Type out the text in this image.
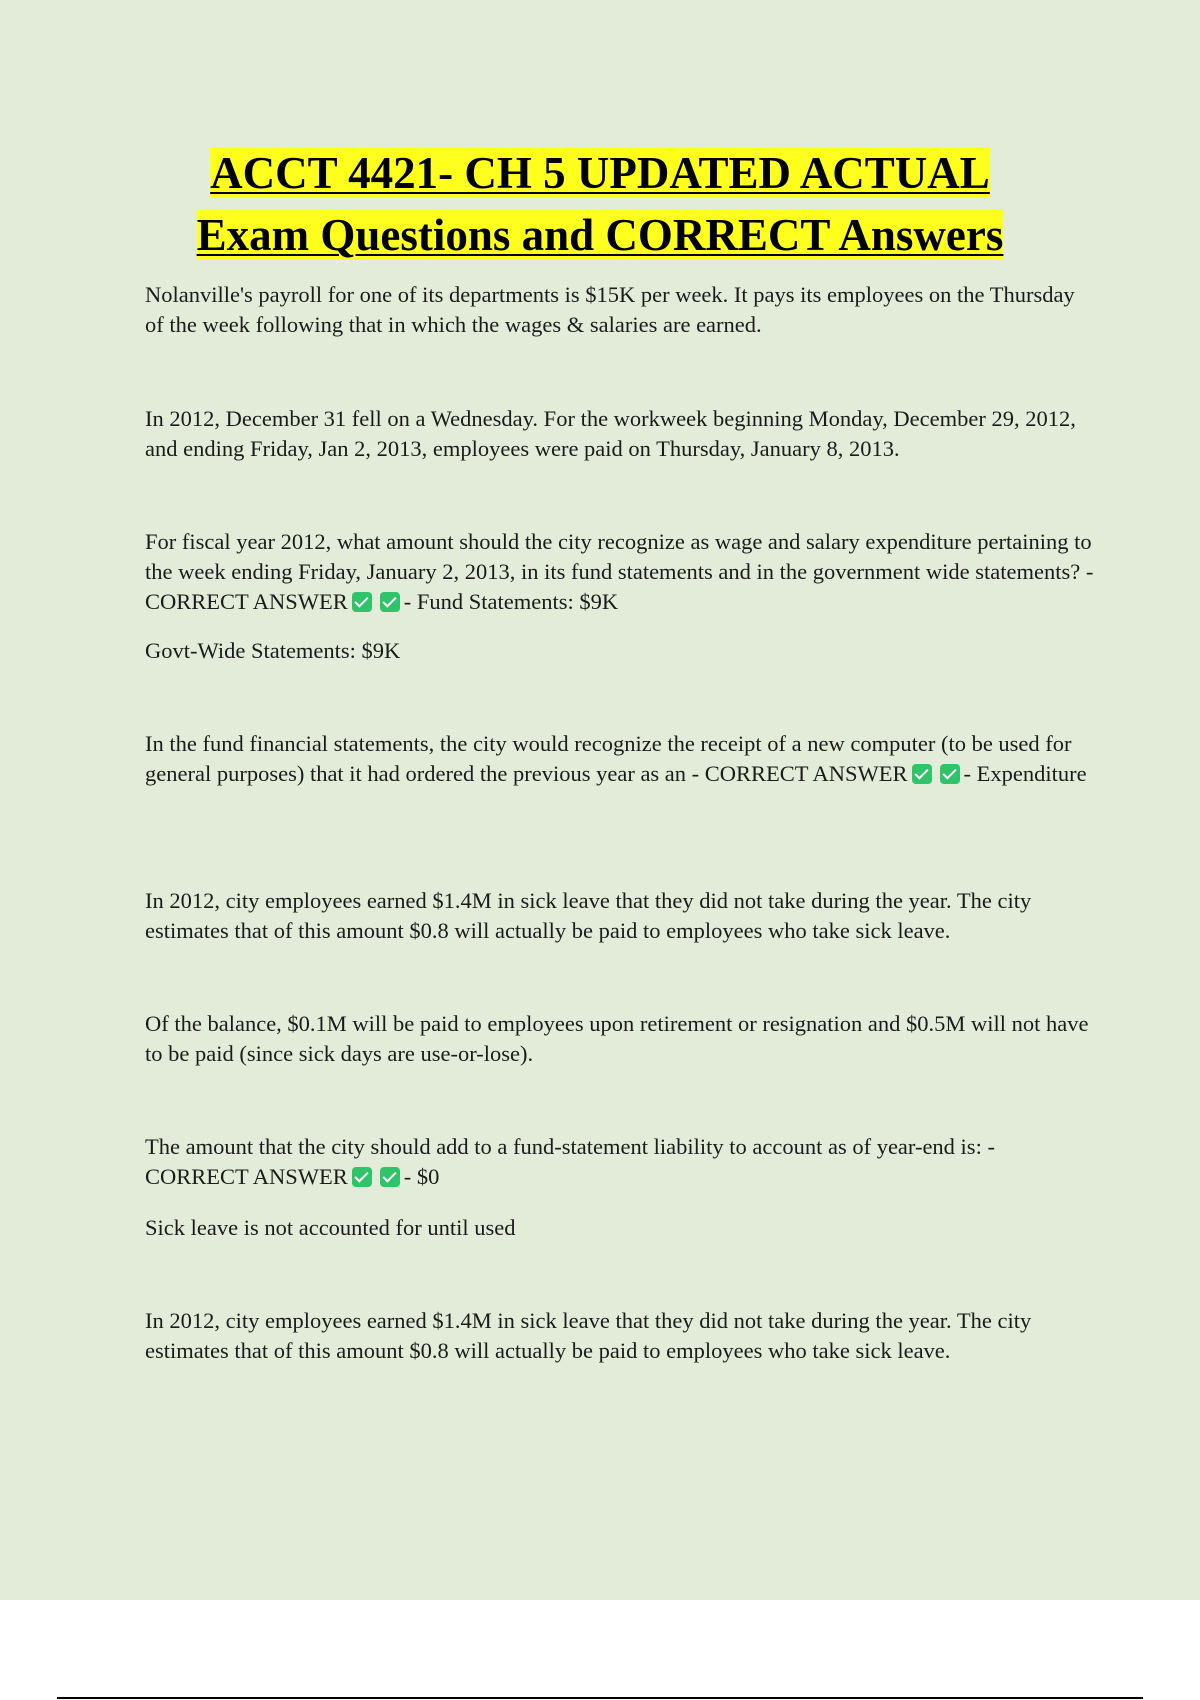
ACCT 4421- CH 5 UPDATED ACTUAL
Exam Questions and CORRECT Answers

Nolanville's payroll for one of its departments is $15K per week. It pays its employees on the Thursday of the week following that in which the wages & salaries are earned.

In 2012, December 31 fell on a Wednesday. For the workweek beginning Monday, December 29, 2012, and ending Friday, Jan 2, 2013, employees were paid on Thursday, January 8, 2013.

For fiscal year 2012, what amount should the city recognize as wage and salary expenditure pertaining to the week ending Friday, January 2, 2013, in its fund statements and in the government wide statements? - CORRECT ANSWER - Fund Statements: $9K

Govt-Wide Statements: $9K

In the fund financial statements, the city would recognize the receipt of a new computer (to be used for general purposes) that it had ordered the previous year as an - CORRECT ANSWER - Expenditure

In 2012, city employees earned $1.4M in sick leave that they did not take during the year. The city estimates that of this amount $0.8 will actually be paid to employees who take sick leave.

Of the balance, $0.1M will be paid to employees upon retirement or resignation and $0.5M will not have to be paid (since sick days are use-or-lose).

The amount that the city should add to a fund-statement liability to account as of year-end is: - CORRECT ANSWER - $0

Sick leave is not accounted for until used

In 2012, city employees earned $1.4M in sick leave that they did not take during the year. The city estimates that of this amount $0.8 will actually be paid to employees who take sick leave.
